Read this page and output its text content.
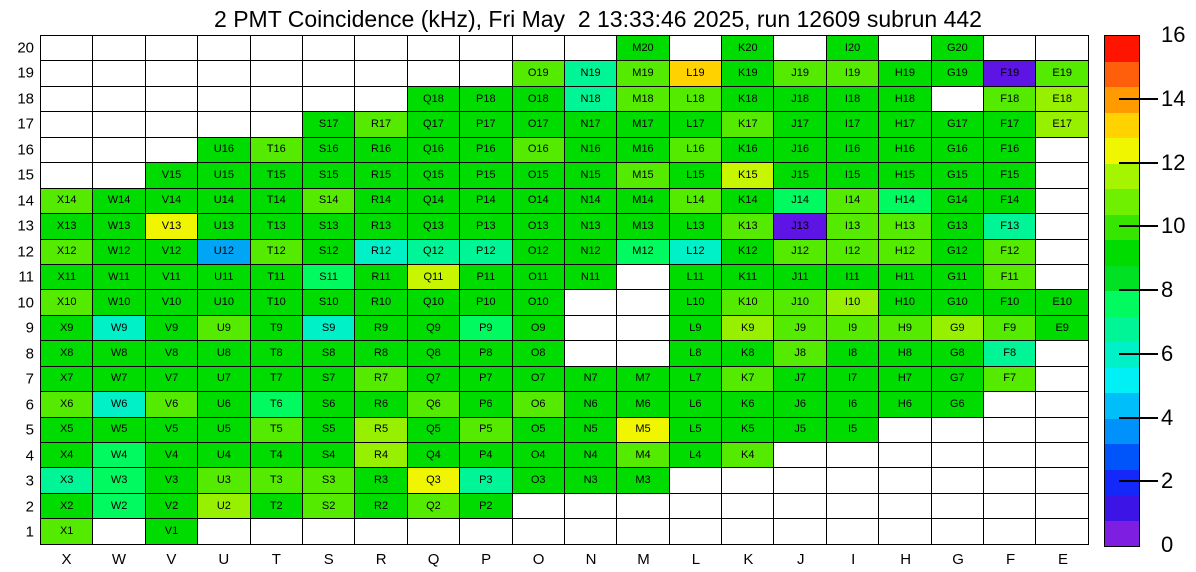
2 PMT Coincidence (kHz), Fri May  2 13:33:46 2025, run 12609 subrun 442
											M20		K20		I20		G20		
									O19	N19	M19	L19	K19	J19	I19	H19	G19	F19	E19
							Q18	P18	O18	N18	M18	L18	K18	J18	I18	H18		F18	E18
					S17	R17	Q17	P17	O17	N17	M17	L17	K17	J17	I17	H17	G17	F17	E17
			U16	T16	S16	R16	Q16	P16	O16	N16	M16	L16	K16	J16	I16	H16	G16	F16	
		V15	U15	T15	S15	R15	Q15	P15	O15	N15	M15	L15	K15	J15	I15	H15	G15	F15	
X14	W14	V14	U14	T14	S14	R14	Q14	P14	O14	N14	M14	L14	K14	J14	I14	H14	G14	F14	
X13	W13	V13	U13	T13	S13	R13	Q13	P13	O13	N13	M13	L13	K13	J13	I13	H13	G13	F13	
X12	W12	V12	U12	T12	S12	R12	Q12	P12	O12	N12	M12	L12	K12	J12	I12	H12	G12	F12	
X11	W11	V11	U11	T11	S11	R11	Q11	P11	O11	N11		L11	K11	J11	I11	H11	G11	F11	
X10	W10	V10	U10	T10	S10	R10	Q10	P10	O10			L10	K10	J10	I10	H10	G10	F10	E10
X9	W9	V9	U9	T9	S9	R9	Q9	P9	O9			L9	K9	J9	I9	H9	G9	F9	E9
X8	W8	V8	U8	T8	S8	R8	Q8	P8	O8			L8	K8	J8	I8	H8	G8	F8	
X7	W7	V7	U7	T7	S7	R7	Q7	P7	O7	N7	M7	L7	K7	J7	I7	H7	G7	F7	
X6	W6	V6	U6	T6	S6	R6	Q6	P6	O6	N6	M6	L6	K6	J6	I6	H6	G6		
X5	W5	V5	U5	T5	S5	R5	Q5	P5	O5	N5	M5	L5	K5	J5	I5				
X4	W4	V4	U4	T4	S4	R4	Q4	P4	O4	N4	M4	L4	K4						
X3	W3	V3	U3	T3	S3	R3	Q3	P3	O3	N3	M3								
X2	W2	V2	U2	T2	S2	R2	Q2	P2											
X1		V1																	
20
19
18
17
16
15
14
13
12
11
10
9
8
7
6
5
4
3
2
1
X	W	V	U	T	S	R	Q	P	O	N	M	L	K	J	I	H	G	F	E
0
2
4
6
8
10
12
14
16
